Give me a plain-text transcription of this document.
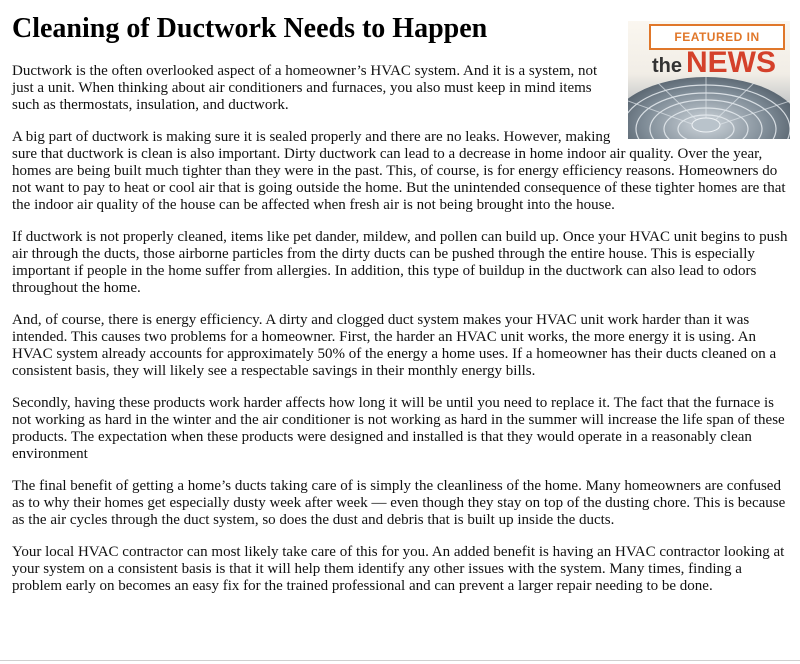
Cleaning of Ductwork Needs to Happen	FEATURED IN
the NEWS

Ductwork is the often overlooked aspect of a homeowner’s HVAC system. And it is a system, not just a unit. When thinking about air conditioners and furnaces, you also must keep in mind items such as thermostats, insulation, and ductwork.

A big part of ductwork is making sure it is sealed properly and there are no leaks. However, making sure that ductwork is clean is also important. Dirty ductwork can lead to a decrease in home indoor air quality. Over the year, homes are being built much tighter than they were in the past. This, of course, is for energy efficiency reasons. Homeowners do not want to pay to heat or cool air that is going outside the home. But the unintended consequence of these tighter homes are that the indoor air quality of the house can be affected when fresh air is not being brought into the house.

If ductwork is not properly cleaned, items like pet dander, mildew, and pollen can build up. Once your HVAC unit begins to push air through the ducts, those airborne particles from the dirty ducts can be pushed through the entire house. This is especially important if people in the home suffer from allergies. In addition, this type of buildup in the ductwork can also lead to odors throughout the home.

And, of course, there is energy efficiency. A dirty and clogged duct system makes your HVAC unit work harder than it was intended. This causes two problems for a homeowner. First, the harder an HVAC unit works, the more energy it is using. An HVAC system already accounts for approximately 50% of the energy a home uses. If a homeowner has their ducts cleaned on a consistent basis, they will likely see a respectable savings in their monthly energy bills.

Secondly, having these products work harder affects how long it will be until you need to replace it. The fact that the furnace is not working as hard in the winter and the air conditioner is not working as hard in the summer will increase the life span of these products. The expectation when these products were designed and installed is that they would operate in a reasonably clean environment

The final benefit of getting a home’s ducts taking care of is simply the cleanliness of the home. Many homeowners are confused as to why their homes get especially dusty week after week — even though they stay on top of the dusting chore. This is because as the air cycles through the duct system, so does the dust and debris that is built up inside the ducts.

Your local HVAC contractor can most likely take care of this for you. An added benefit is having an HVAC contractor looking at your system on a consistent basis is that it will help them identify any other issues with the system. Many times, finding a problem early on becomes an easy fix for the trained professional and can prevent a larger repair needing to be done.
